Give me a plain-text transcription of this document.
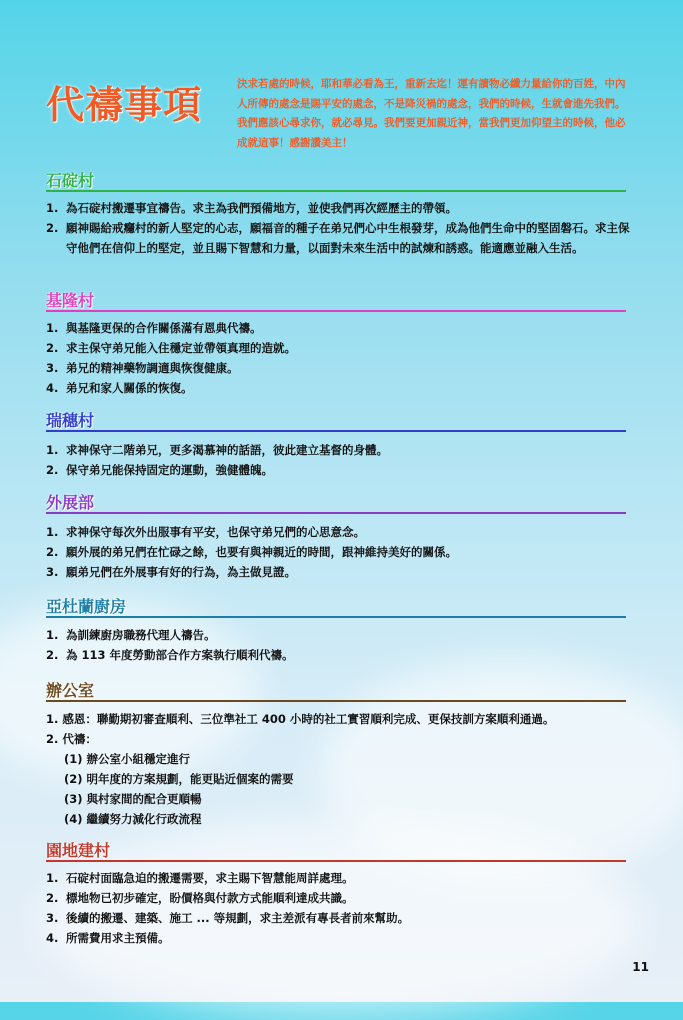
代禱事項	決求若處的時候，耶和華必看為王，重新去迄！運有讀物必纖力量給你的百姓，中內人所傳的處念是賜平安的處念，不是降災禍的處念，我們的時候，生就會進先我們。我們應該心尋求你，就必尋見。我們要更加親近神，當我們更加仰望主的時候，他必成就這事！感謝讚美主！
石碇村
1. 為石碇村搬遷事宜禱告。求主為我們預備地方，並使我們再次經歷主的帶領。
2. 願神賜給戒癮村的新人堅定的心志，願福音的種子在弟兄們心中生根發芽，成為他們生命中的堅固磐石。求主保守他們在信仰上的堅定，並且賜下智慧和力量，以面對未來生活中的試煉和誘惑。能適應並融入生活。
基隆村
1. 與基隆更保的合作關係滿有恩典代禱。
2. 求主保守弟兄能入住穩定並帶領真理的造就。
3. 弟兄的精神藥物調適與恢復健康。
4. 弟兄和家人關係的恢復。
瑞穗村
1. 求神保守二階弟兄，更多渴慕神的話語，彼此建立基督的身體。
2. 保守弟兄能保持固定的運動，強健體魄。
外展部
1. 求神保守每次外出服事有平安，也保守弟兄們的心思意念。
2. 願外展的弟兄們在忙碌之餘，也要有與神親近的時間，跟神維持美好的關係。
3. 願弟兄們在外展事有好的行為，為主做見證。
亞杜蘭廚房
1. 為訓練廚房職務代理人禱告。
2. 為 113 年度勞動部合作方案執行順利代禱。
辦公室
1. 感恩：聯勤期初審查順利、三位準社工 400 小時的社工實習順利完成、更保技訓方案順利通過。
2. 代禱：
(1) 辦公室小組穩定進行
(2) 明年度的方案規劃，能更貼近個案的需要
(3) 與村家間的配合更順暢
(4) 繼續努力減化行政流程
園地建村
1. 石碇村面臨急迫的搬遷需要，求主賜下智慧能周詳處理。
2. 標地物已初步確定，盼價格與付款方式能順利達成共識。
3. 後續的搬遷、建築、施工 ... 等規劃，求主差派有專長者前來幫助。
4. 所需費用求主預備。
11
